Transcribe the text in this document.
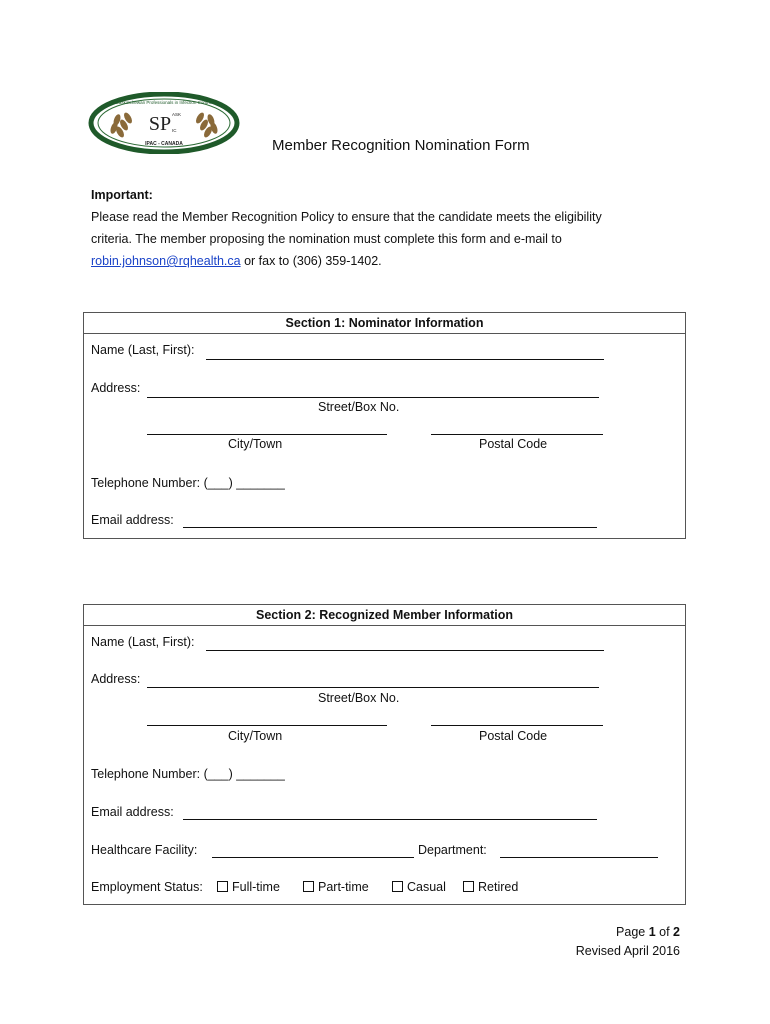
Saskatchewan Professionals in Infection Control
SP ASK
IC
IPAC - CANADA	Member Recognition Nomination Form
Important:
Please read the Member Recognition Policy to ensure that the candidate meets the eligibility
criteria. The member proposing the nomination must complete this form and e-mail to
robin.johnson@rqhealth.ca or fax to (306) 359-1402.
Section 1: Nominator Information
Name (Last, First):
Address:
Street/Box No.
City/Town	Postal Code
Telephone Number: (___) _______
Email address:
Section 2: Recognized Member Information
Name (Last, First):
Address:
Street/Box No.
City/Town	Postal Code
Telephone Number: (___) _______
Email address:
Healthcare Facility:	Department:
Employment Status:	Full-time	Part-time	Casual	Retired
Page 1 of 2
Revised April 2016
